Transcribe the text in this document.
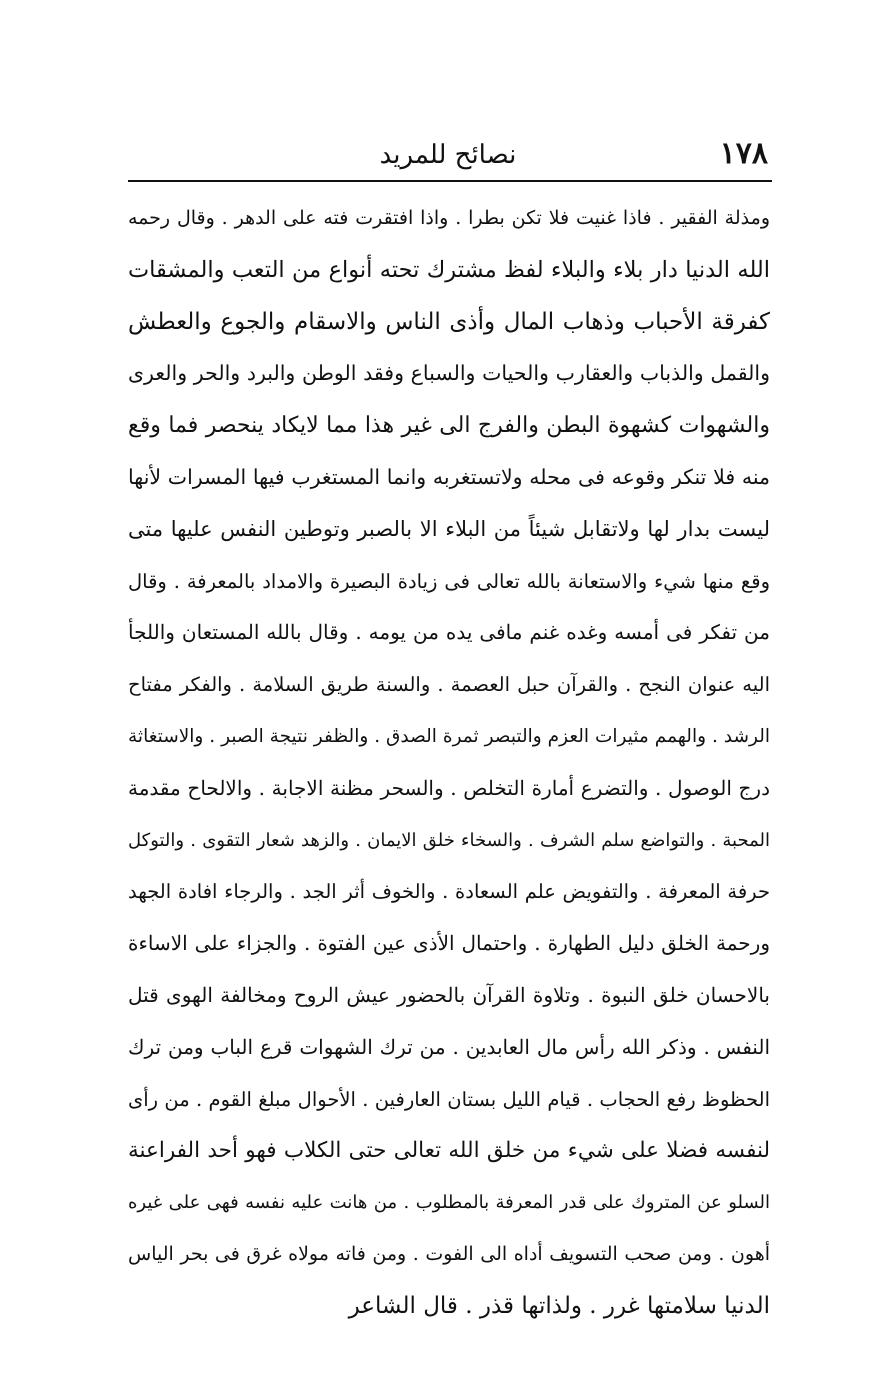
١٧٨
نصائح للمريد
ومذلة الفقير . فاذا غنيت فلا تكن بطرا . واذا افتقرت فته على الدهر . وقال رحمه
الله الدنيا دار بلاء والبلاء لفظ مشترك تحته أنواع من التعب والمشقات
كفرقة الأحباب وذهاب المال وأذى الناس والاسقام والجوع والعطش
والقمل والذباب والعقارب والحيات والسباع وفقد الوطن والبرد والحر والعرى
والشهوات كشهوة البطن والفرج الى غير هذا مما لايكاد ينحصر فما وقع
منه فلا تنكر وقوعه فى محله ولاتستغربه وانما المستغرب فيها المسرات لأنها
ليست بدار لها ولاتقابل شيئاً من البلاء الا بالصبر وتوطين النفس عليها متى
وقع منها شيء والاستعانة بالله تعالى فى زيادة البصيرة والامداد بالمعرفة . وقال
من تفكر فى أمسه وغده غنم مافى يده من يومه . وقال بالله المستعان واللجأ
اليه عنوان النجح . والقرآن حبل العصمة . والسنة طريق السلامة . والفكر مفتاح
الرشد . والهمم مثيرات العزم والتبصر ثمرة الصدق . والظفر نتيجة الصبر . والاستغاثة
درج الوصول . والتضرع أمارة التخلص . والسحر مظنة الاجابة . والالحاح مقدمة
المحبة . والتواضع سلم الشرف . والسخاء خلق الايمان . والزهد شعار التقوى . والتوكل
حرفة المعرفة . والتفويض علم السعادة . والخوف أثر الجد . والرجاء افادة الجهد
ورحمة الخلق دليل الطهارة . واحتمال الأذى عين الفتوة . والجزاء على الاساءة
بالاحسان خلق النبوة . وتلاوة القرآن بالحضور عيش الروح ومخالفة الهوى قتل
النفس . وذكر الله رأس مال العابدين . من ترك الشهوات قرع الباب ومن ترك
الحظوظ رفع الحجاب . قيام الليل بستان العارفين . الأحوال مبلغ القوم . من رأى
لنفسه فضلا على شيء من خلق الله تعالى حتى الكلاب فهو أحد الفراعنة
السلو عن المتروك على قدر المعرفة بالمطلوب . من هانت عليه نفسه فهى على غيره
أهون . ومن صحب التسويف أداه الى الفوت . ومن فاته مولاه غرق فى بحر الياس
الدنيا سلامتها غرر . ولذاتها قذر . قال الشاعر
